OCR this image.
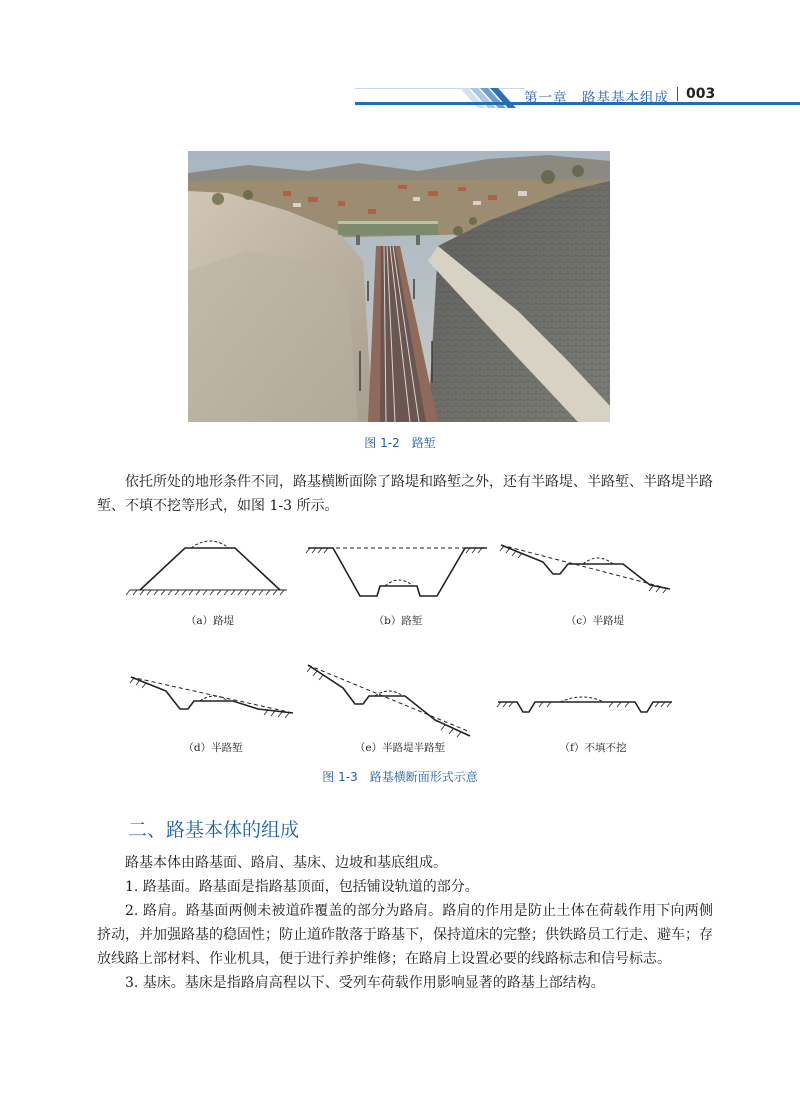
第一章　 路基基本组成 003
图 1-2　路堑
依托所处的地形条件不同，路基横断面除了路堤和路堑之外，还有半路堤、半路堑、半路堤半路堑、不填不挖等形式，如图 1-3 所示。
（a）路堤	（b）路堑	（c）半路堤
（d）半路堑	（e）半路堤半路堑	（f）不填不挖
图 1-3　路基横断面形式示意
二、路基本体的组成

路基本体由路基面、路肩、基床、边坡和基底组成。

1. 路基面。路基面是指路基顶面，包括铺设轨道的部分。

2. 路肩。路基面两侧未被道砟覆盖的部分为路肩。路肩的作用是防止土体在荷载作用下向两侧挤动，并加强路基的稳固性；防止道砟散落于路基下，保持道床的完整；供铁路员工行走、避车；存放线路上部材料、作业机具，便于进行养护维修；在路肩上设置必要的线路标志和信号标志。

3. 基床。基床是指路肩高程以下、受列车荷载作用影响显著的路基上部结构。
